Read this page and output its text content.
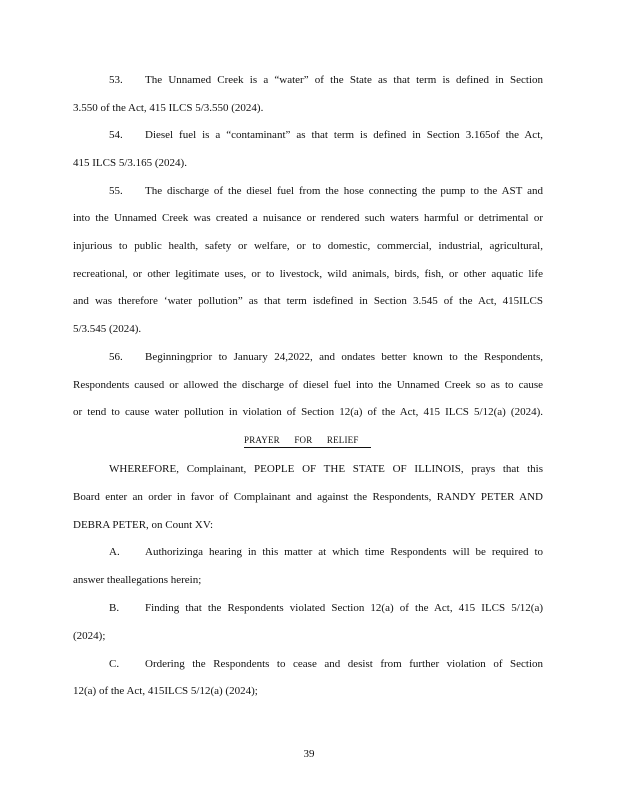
53. The Unnamed Creek is a “water” of the State as that term is defined in Section
3.550 of the Act, 415 ILCS 5/3.550 (2024).
54. Diesel fuel is a “contaminant” as that term is defined in Section 3.165of the Act,
415 ILCS 5/3.165 (2024).
55. The discharge of the diesel fuel from the hose connecting the pump to the AST and
into the Unnamed Creek was created a nuisance or rendered such waters harmful or detrimental or
injurious to public health, safety or welfare, or to domestic, commercial, industrial, agricultural,
recreational, or other legitimate uses, or to livestock, wild animals, birds, fish, or other aquatic life
and was therefore ‘water pollution” as that term isdefined in Section 3.545 of the Act, 415ILCS
5/3.545 (2024).
56. Beginningprior to January 24,2022, and ondates better known to the Respondents,
Respondents caused or allowed the discharge of diesel fuel into the Unnamed Creek so as to cause
or tend to cause water pollution in violation of Section 12(a) of the Act, 415 ILCS 5/12(a) (2024).
PRAYER FOR RELIEF
WHEREFORE, Complainant, PEOPLE OF THE STATE OF ILLINOIS, prays that this
Board enter an order in favor of Complainant and against the Respondents, RANDY PETER AND
DEBRA PETER, on Count XV:
A. Authorizinga hearing in this matter at which time Respondents will be required to
answer theallegations herein;
B. Finding that the Respondents violated Section 12(a) of the Act, 415 ILCS 5/12(a)
(2024);
C. Ordering the Respondents to cease and desist from further violation of Section
12(a) of the Act, 415ILCS 5/12(a) (2024);
39
